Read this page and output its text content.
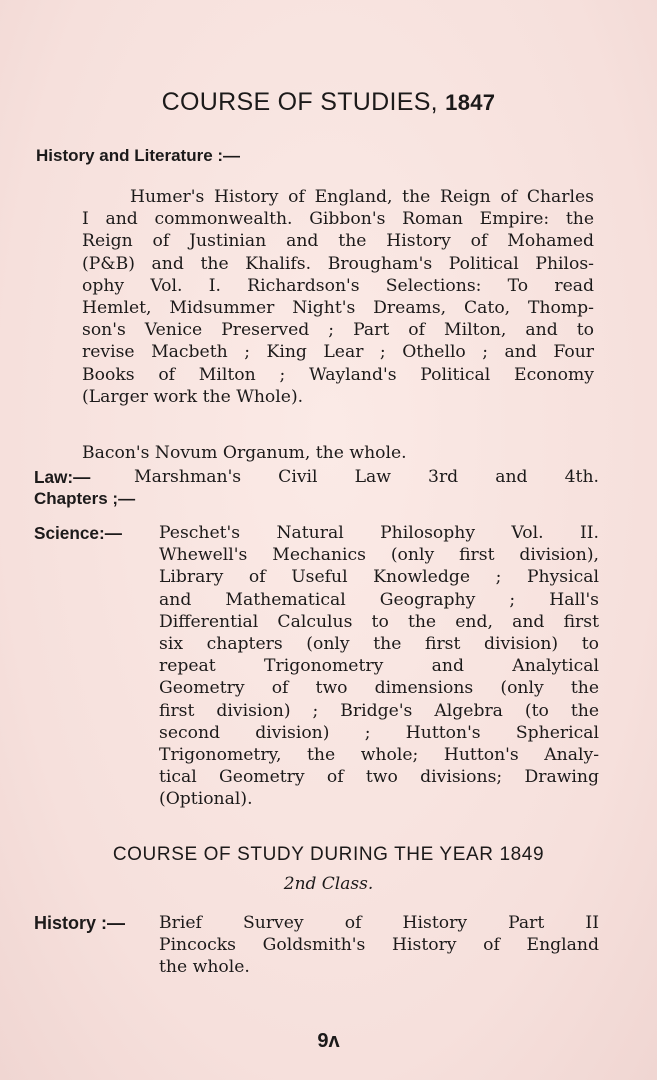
COURSE OF STUDIES, 1847
History and Literature :—
Humer's History of England, the Reign of Charles
I and commonwealth. Gibbon's Roman Empire: the
Reign of Justinian and the History of Mohamed
(P&B) and the Khalifs. Brougham's Political Philos-
ophy Vol. I. Richardson's Selections: To read
Hemlet, Midsummer Night's Dreams, Cato, Thomp-
son's Venice Preserved ; Part of Milton, and to
revise Macbeth ; King Lear ; Othello ; and Four
Books of Milton ; Wayland's Political Economy
(Larger work the Whole).
Bacon's Novum Organum, the whole.
Law:—	Marshman's Civil Law 3rd and 4th.
Chapters ;—
Science:— Peschet's Natural Philosophy Vol. II.
Whewell's Mechanics (only first division),
Library of Useful Knowledge ; Physical
and Mathematical Geography ; Hall's
Differential Calculus to the end, and first
six chapters (only the first division) to
repeat Trigonometry and Analytical
Geometry of two dimensions (only the
first division) ; Bridge's Algebra (to the
second division) ; Hutton's Spherical
Trigonometry, the whole; Hutton's Analy-
tical Geometry of two divisions; Drawing
(Optional).
COURSE OF STUDY DURING THE YEAR 1849
2nd Class.
History :— Brief Survey of History Part II
Pincocks Goldsmith's History of England
the whole.
9ʌ
